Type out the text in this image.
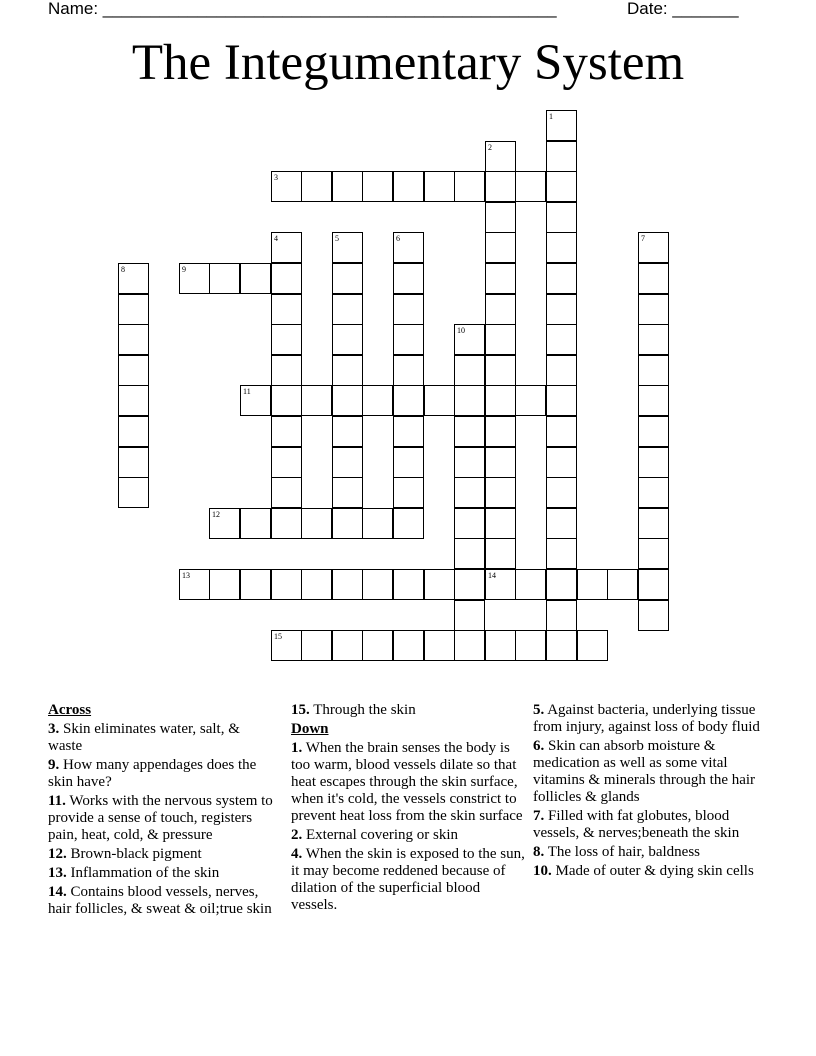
Name: ________________________________________________	Date: _______
The Integumentary System
1
2
3
4	5	6	7
8	9
10
11
12
13	14
15
Across
3. Skin eliminates water, salt, & waste
9. How many appendages does the skin have?
11. Works with the nervous system to provide a sense of touch, registers pain, heat, cold, & pressure
12. Brown-black pigment
13. Inflammation of the skin
14. Contains blood vessels, nerves, hair follicles, & sweat & oil;true skin
15. Through the skin
Down
1. When the brain senses the body is too warm, blood vessels dilate so that heat escapes through the skin surface, when it's cold, the vessels constrict to prevent heat loss from the skin surface
2. External covering or skin
4. When the skin is exposed to the sun, it may become reddened because of dilation of the superficial blood vessels.
5. Against bacteria, underlying tissue from injury, against loss of body fluid
6. Skin can absorb moisture & medication as well as some vital vitamins & minerals through the hair follicles & glands
7. Filled with fat globutes, blood vessels, & nerves;beneath the skin
8. The loss of hair, baldness
10. Made of outer & dying skin cells
